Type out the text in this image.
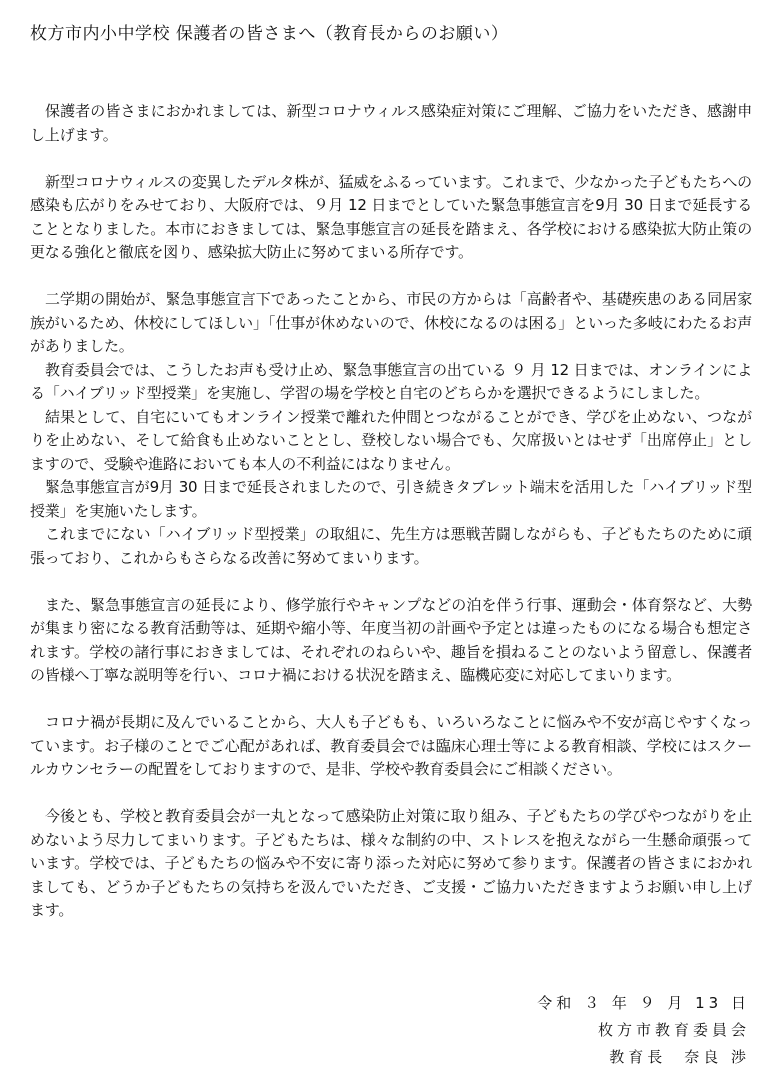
枚方市内小中学校 保護者の皆さまへ（教育長からのお願い）

保護者の皆さまにおかれましては、新型コロナウィルス感染症対策にご理解、ご協力をいただき、感謝申し上げます。

新型コロナウィルスの変異したデルタ株が、猛威をふるっています。これまで、少なかった子どもたちへの感染も広がりをみせており、大阪府では、９月 12 日までとしていた緊急事態宣言を9月 30 日まで延長することとなりました。本市におきましては、緊急事態宣言の延長を踏まえ、各学校における感染拡大防止策の更なる強化と徹底を図り、感染拡大防止に努めてまいる所存です。

二学期の開始が、緊急事態宣言下であったことから、市民の方からは「高齢者や、基礎疾患のある同居家族がいるため、休校にしてほしい」「仕事が休めないので、休校になるのは困る」といった多岐にわたるお声がありました。

教育委員会では、こうしたお声も受け止め、緊急事態宣言の出ている ９ 月 12 日までは、オンラインによる「ハイブリッド型授業」を実施し、学習の場を学校と自宅のどちらかを選択できるようにしました。

結果として、自宅にいてもオンライン授業で離れた仲間とつながることができ、学びを止めない、つながりを止めない、そして給食も止めないこととし、登校しない場合でも、欠席扱いとはせず「出席停止」としますので、受験や進路においても本人の不利益にはなりません。

緊急事態宣言が9月 30 日まで延長されましたので、引き続きタブレット端末を活用した「ハイブリッド型授業」を実施いたします。

これまでにない「ハイブリッド型授業」の取組に、先生方は悪戦苦闘しながらも、子どもたちのために頑張っており、これからもさらなる改善に努めてまいります。

また、緊急事態宣言の延長により、修学旅行やキャンプなどの泊を伴う行事、運動会・体育祭など、大勢が集まり密になる教育活動等は、延期や縮小等、年度当初の計画や予定とは違ったものになる場合も想定されます。学校の諸行事におきましては、それぞれのねらいや、趣旨を損ねることのないよう留意し、保護者の皆様へ丁寧な説明等を行い、コロナ禍における状況を踏まえ、臨機応変に対応してまいります。

コロナ禍が長期に及んでいることから、大人も子どもも、いろいろなことに悩みや不安が高じやすくなっています。お子様のことでご心配があれば、教育委員会では臨床心理士等による教育相談、学校にはスクールカウンセラーの配置をしておりますので、是非、学校や教育委員会にご相談ください。

今後とも、学校と教育委員会が一丸となって感染防止対策に取り組み、子どもたちの学びやつながりを止めないよう尽力してまいります。子どもたちは、様々な制約の中、ストレスを抱えながら一生懸命頑張っています。学校では、子どもたちの悩みや不安に寄り添った対応に努めて参ります。保護者の皆さまにおかれましても、どうか子どもたちの気持ちを汲んでいただき、ご支援・ご協力いただきますようお願い申し上げます。

令和 ３ 年 ９ 月 13 日
枚方市教育委員会
教育長 奈良 渉
